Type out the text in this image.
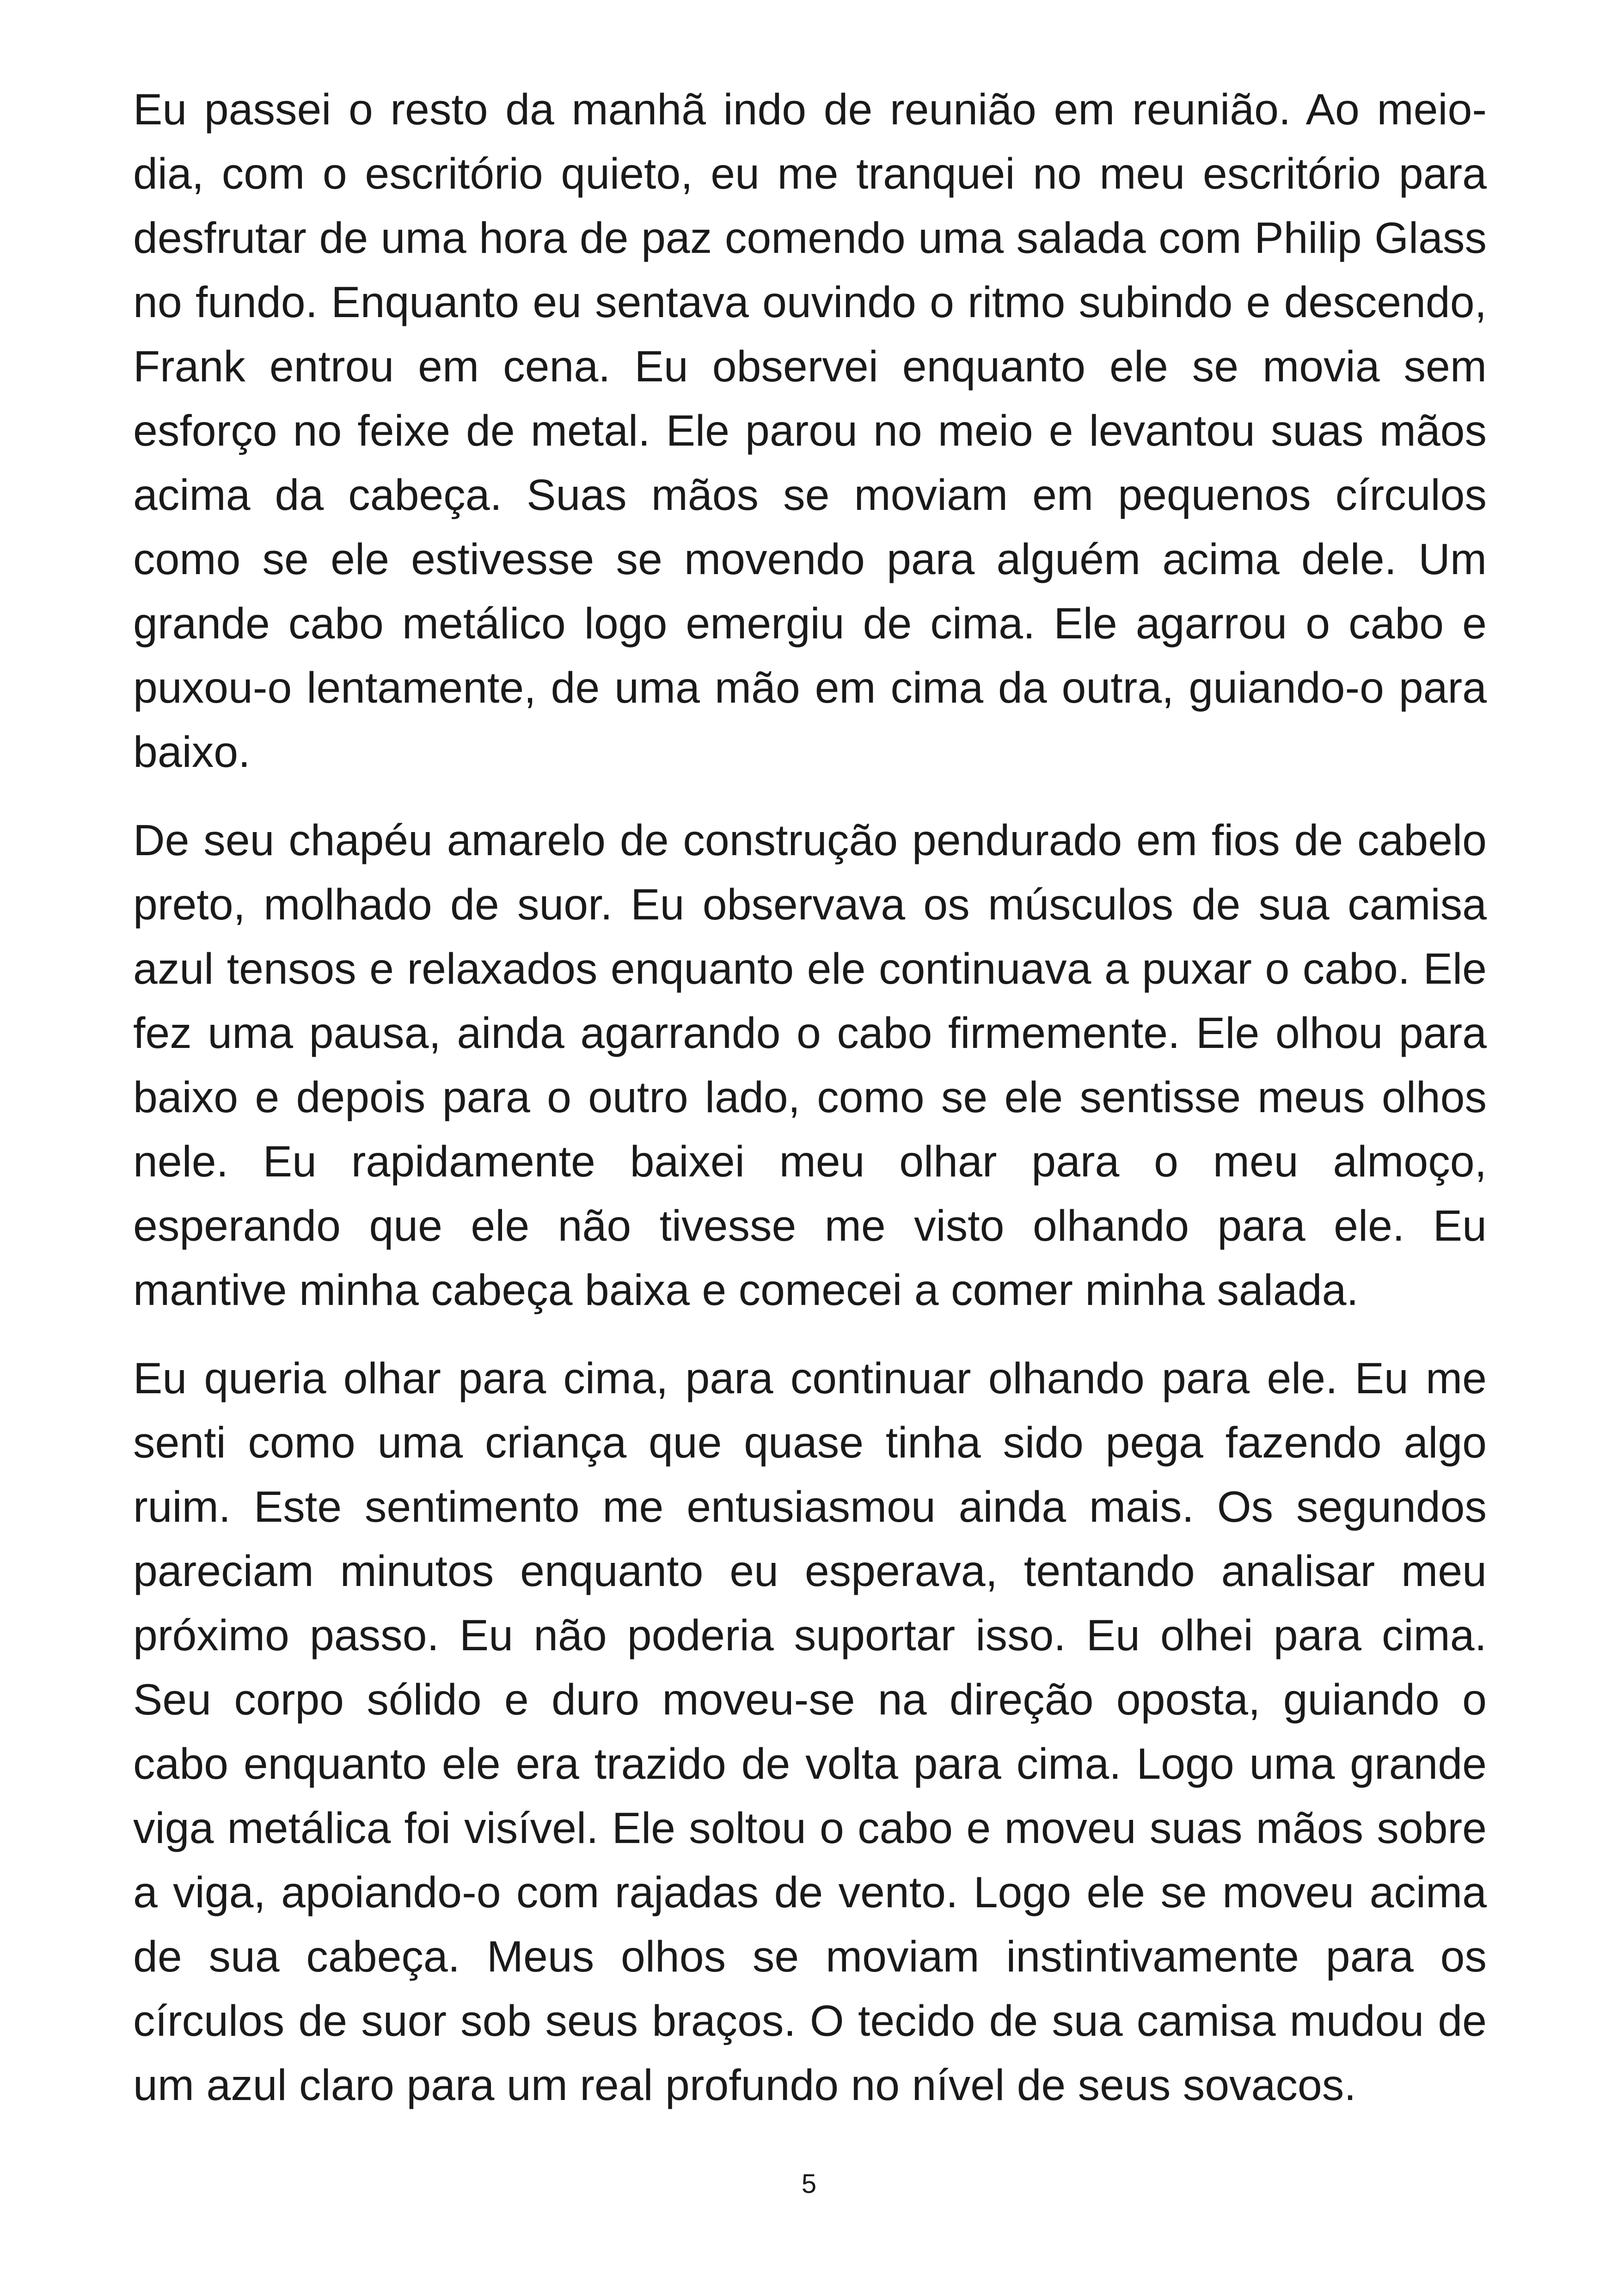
Eu passei o resto da manhã indo de reunião em reunião. Ao meio-dia, com o escritório quieto, eu me tranquei no meu escritório para desfrutar de uma hora de paz comendo uma salada com Philip Glass no fundo. Enquanto eu sentava ouvindo o ritmo subindo e descendo, Frank entrou em cena. Eu observei enquanto ele se movia sem esforço no feixe de metal. Ele parou no meio e levantou suas mãos acima da cabeça. Suas mãos se moviam em pequenos círculos como se ele estivesse se movendo para alguém acima dele. Um grande cabo metálico logo emergiu de cima. Ele agarrou o cabo e puxou-o lentamente, de uma mão em cima da outra, guiando-o para baixo.

De seu chapéu amarelo de construção pendurado em fios de cabelo preto, molhado de suor. Eu observava os músculos de sua camisa azul tensos e relaxados enquanto ele continuava a puxar o cabo. Ele fez uma pausa, ainda agarrando o cabo firmemente. Ele olhou para baixo e depois para o outro lado, como se ele sentisse meus olhos nele. Eu rapidamente baixei meu olhar para o meu almoço, esperando que ele não tivesse me visto olhando para ele. Eu mantive minha cabeça baixa e comecei a comer minha salada.

Eu queria olhar para cima, para continuar olhando para ele. Eu me senti como uma criança que quase tinha sido pega fazendo algo ruim. Este sentimento me entusiasmou ainda mais. Os segundos pareciam minutos enquanto eu esperava, tentando analisar meu próximo passo. Eu não poderia suportar isso. Eu olhei para cima. Seu corpo sólido e duro moveu-se na direção oposta, guiando o cabo enquanto ele era trazido de volta para cima. Logo uma grande viga metálica foi visível. Ele soltou o cabo e moveu suas mãos sobre a viga, apoiando-o com rajadas de vento. Logo ele se moveu acima de sua cabeça. Meus olhos se moviam instintivamente para os círculos de suor sob seus braços. O tecido de sua camisa mudou de um azul claro para um real profundo no nível de seus sovacos.

5
